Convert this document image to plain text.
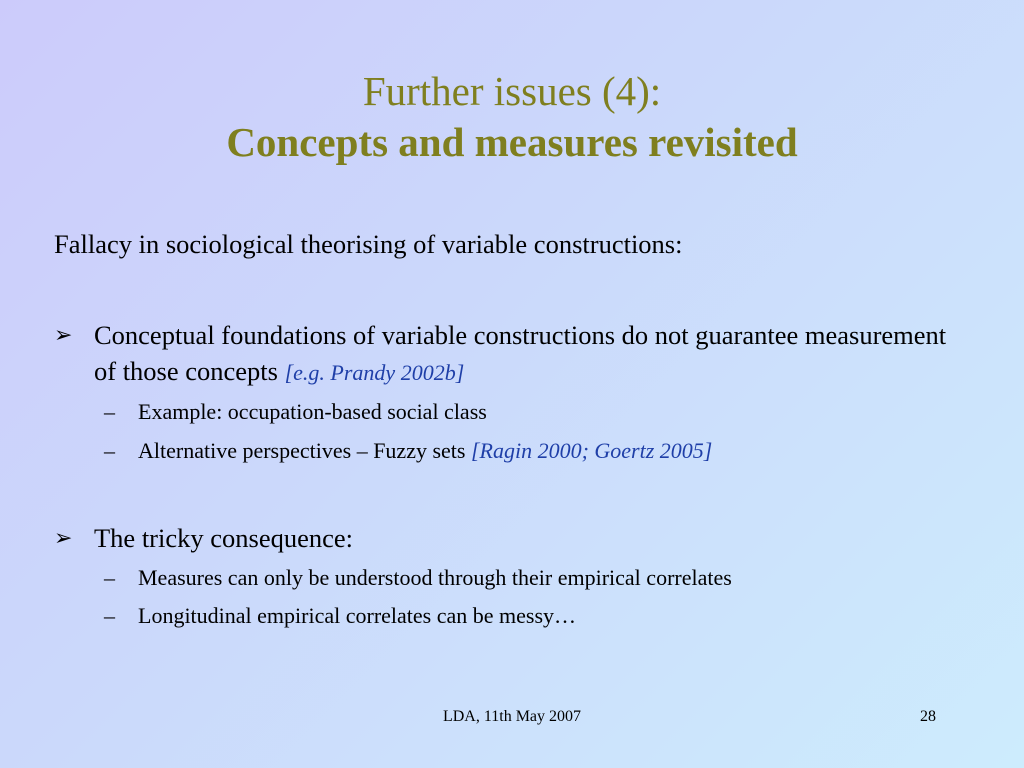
Further issues (4):
Concepts and measures revisited
Fallacy in sociological theorising of variable constructions:
➢ Conceptual foundations of variable constructions do not guarantee measurement of those concepts [e.g. Prandy 2002b]
– Example: occupation-based social class
– Alternative perspectives – Fuzzy sets [Ragin 2000; Goertz 2005]
➢ The tricky consequence:
– Measures can only be understood through their empirical correlates
– Longitudinal empirical correlates can be messy…
LDA, 11th May 2007	28
